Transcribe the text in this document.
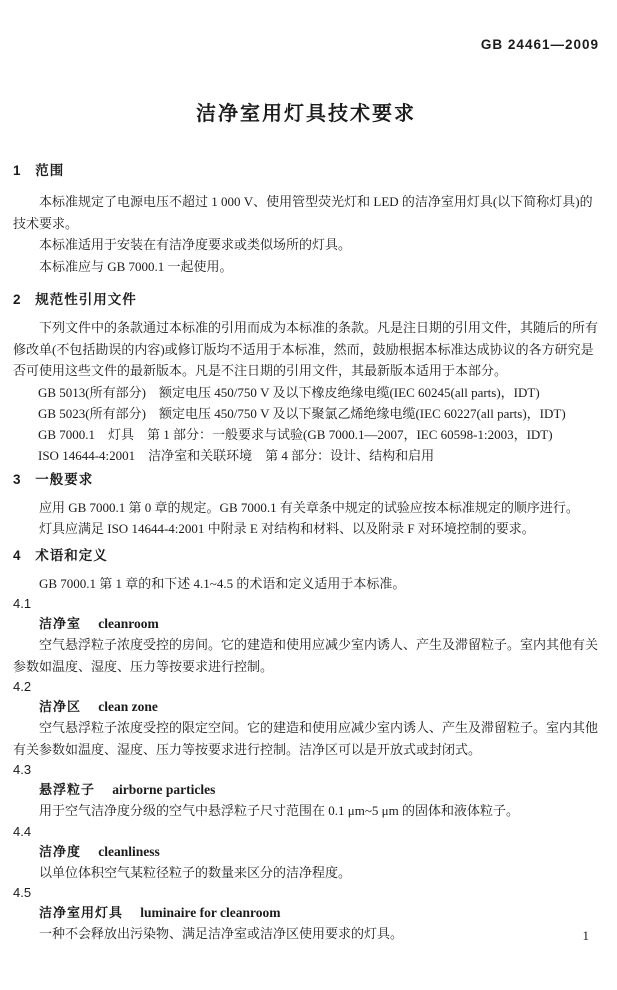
GB 24461—2009
洁净室用灯具技术要求
1 范围

本标准规定了电源电压不超过 1 000 V、使用管型荧光灯和 LED 的洁净室用灯具(以下简称灯具)的技术要求。

本标准适用于安装在有洁净度要求或类似场所的灯具。

本标准应与 GB 7000.1 一起使用。

2 规范性引用文件

下列文件中的条款通过本标准的引用而成为本标准的条款。凡是注日期的引用文件，其随后的所有修改单(不包括勘误的内容)或修订版均不适用于本标准，然而，鼓励根据本标准达成协议的各方研究是否可使用这些文件的最新版本。凡是不注日期的引用文件，其最新版本适用于本部分。

GB 5013(所有部分)　额定电压 450/750 V 及以下橡皮绝缘电缆(IEC 60245(all parts)，IDT)
GB 5023(所有部分)　额定电压 450/750 V 及以下聚氯乙烯绝缘电缆(IEC 60227(all parts)，IDT)
GB 7000.1　灯具　第 1 部分：一般要求与试验(GB 7000.1—2007，IEC 60598-1:2003，IDT)
ISO 14644-4:2001　洁净室和关联环境　第 4 部分：设计、结构和启用
3 一般要求

应用 GB 7000.1 第 0 章的规定。GB 7000.1 有关章条中规定的试验应按本标准规定的顺序进行。

灯具应满足 ISO 14644-4:2001 中附录 E 对结构和材料、以及附录 F 对环境控制的要求。

4 术语和定义

GB 7000.1 第 1 章的和下述 4.1~4.5 的术语和定义适用于本标准。

4.1
洁净室 cleanroom

空气悬浮粒子浓度受控的房间。它的建造和使用应减少室内诱人、产生及滞留粒子。室内其他有关参数如温度、湿度、压力等按要求进行控制。

4.2
洁净区 clean zone

空气悬浮粒子浓度受控的限定空间。它的建造和使用应减少室内诱人、产生及滞留粒子。室内其他有关参数如温度、湿度、压力等按要求进行控制。洁净区可以是开放式或封闭式。

4.3
悬浮粒子 airborne particles

用于空气洁净度分级的空气中悬浮粒子尺寸范围在 0.1 μm~5 μm 的固体和液体粒子。

4.4
洁净度 cleanliness

以单位体积空气某粒径粒子的数量来区分的洁净程度。

4.5
洁净室用灯具 luminaire for cleanroom

一种不会释放出污染物、满足洁净室或洁净区使用要求的灯具。	1
